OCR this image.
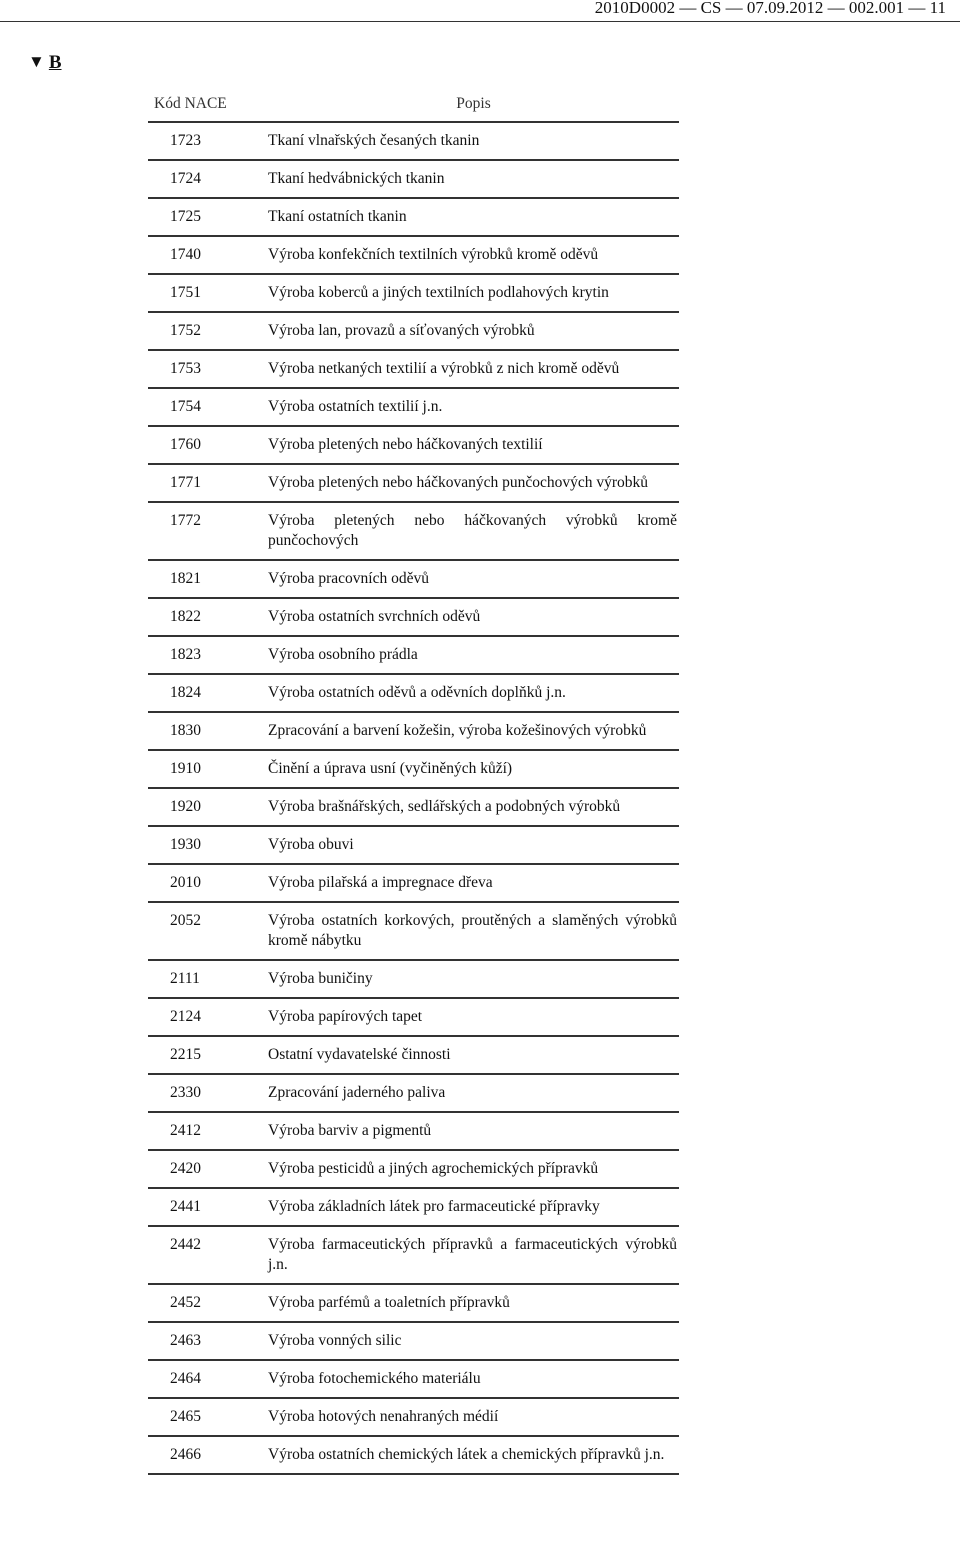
2010D0002 — CS — 07.09.2012 — 002.001 — 11
▼ B
Kód NACE	Popis
1723	Tkaní vlnařských česaných tkanin
1724	Tkaní hedvábnických tkanin
1725	Tkaní ostatních tkanin
1740	Výroba konfekčních textilních výrobků kromě oděvů
1751	Výroba koberců a jiných textilních podlahových krytin
1752	Výroba lan, provazů a síťovaných výrobků
1753	Výroba netkaných textilií a výrobků z nich kromě oděvů
1754	Výroba ostatních textilií j.n.
1760	Výroba pletených nebo háčkovaných textilií
1771	Výroba pletených nebo háčkovaných punčochových výrobků
1772	Výroba pletených nebo háčkovaných výrobků kromě punčochových
1821	Výroba pracovních oděvů
1822	Výroba ostatních svrchních oděvů
1823	Výroba osobního prádla
1824	Výroba ostatních oděvů a oděvních doplňků j.n.
1830	Zpracování a barvení kožešin, výroba kožešinových výrobků
1910	Činění a úprava usní (vyčiněných kůží)
1920	Výroba brašnářských, sedlářských a podobných výrobků
1930	Výroba obuvi
2010	Výroba pilařská a impregnace dřeva
2052	Výroba ostatních korkových, proutěných a slaměných výrobků kromě nábytku
2111	Výroba buničiny
2124	Výroba papírových tapet
2215	Ostatní vydavatelské činnosti
2330	Zpracování jaderného paliva
2412	Výroba barviv a pigmentů
2420	Výroba pesticidů a jiných agrochemických přípravků
2441	Výroba základních látek pro farmaceutické přípravky
2442	Výroba farmaceutických přípravků a farmaceutických výrobků j.n.
2452	Výroba parfémů a toaletních přípravků
2463	Výroba vonných silic
2464	Výroba fotochemického materiálu
2465	Výroba hotových nenahraných médií
2466	Výroba ostatních chemických látek a chemických přípravků j.n.
